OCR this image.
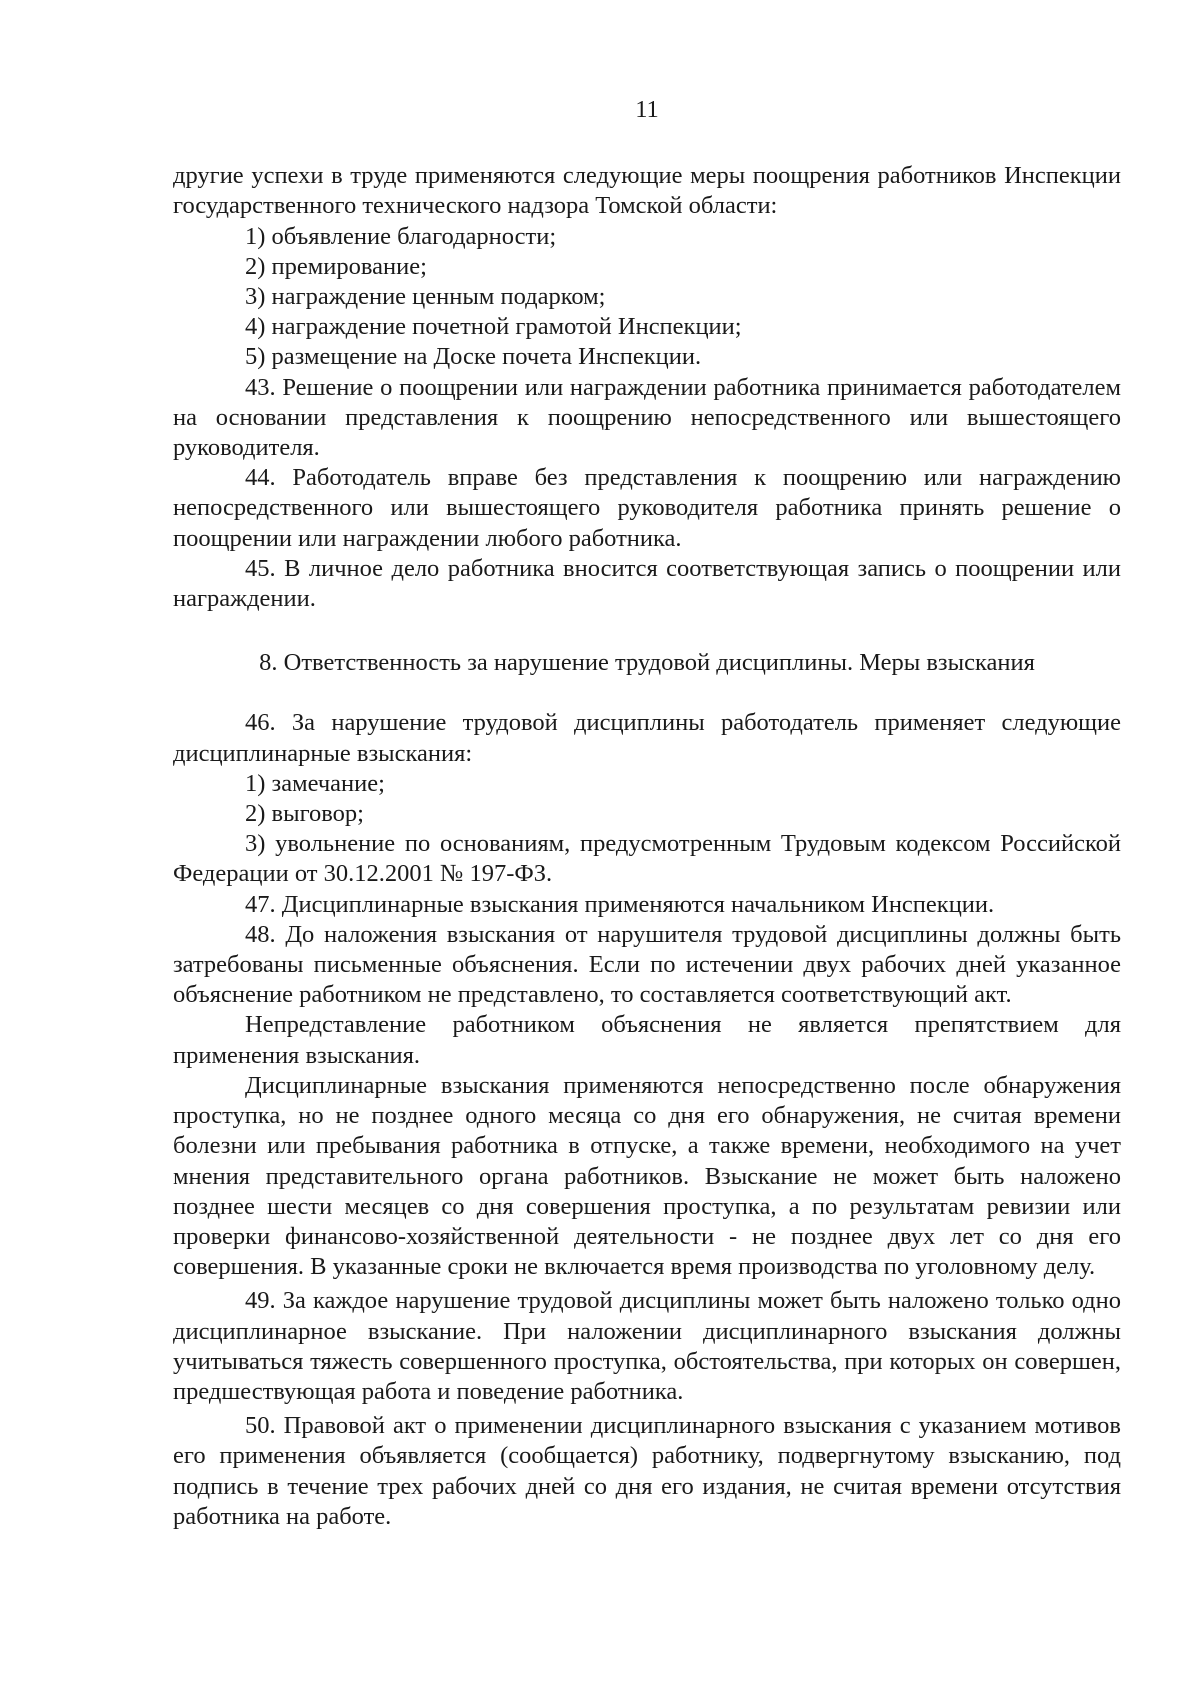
11

другие успехи в труде применяются следующие меры поощрения работников Инспекции государственного технического надзора Томской области:

1) объявление благодарности;

2) премирование;

3) награждение ценным подарком;

4) награждение почетной грамотой Инспекции;

5) размещение на Доске почета Инспекции.

43. Решение о поощрении или награждении работника принимается работодателем на основании представления к поощрению непосредственного или вышестоящего руководителя.

44. Работодатель вправе без представления к поощрению или награждению непосредственного или вышестоящего руководителя работника принять решение о поощрении или награждении любого работника.

45. В личное дело работника вносится соответствующая запись о поощрении или награждении.

8. Ответственность за нарушение трудовой дисциплины. Меры взыскания

46. За нарушение трудовой дисциплины работодатель применяет следующие дисциплинарные взыскания:

1) замечание;

2) выговор;

3) увольнение по основаниям, предусмотренным Трудовым кодексом Российской Федерации от 30.12.2001 № 197-ФЗ.

47. Дисциплинарные взыскания применяются начальником Инспекции.

48. До наложения взыскания от нарушителя трудовой дисциплины должны быть затребованы письменные объяснения. Если по истечении двух рабочих дней указанное объяснение работником не представлено, то составляется соответствующий акт.

Непредставление работником объяснения не является препятствием для применения взыскания.

Дисциплинарные взыскания применяются непосредственно после обнаружения проступка, но не позднее одного месяца со дня его обнаружения, не считая времени болезни или пребывания работника в отпуске, а также времени, необходимого на учет мнения представительного органа работников. Взыскание не может быть наложено позднее шести месяцев со дня совершения проступка, а по результатам ревизии или проверки финансово-хозяйственной деятельности - не позднее двух лет со дня его совершения. В указанные сроки не включается время производства по уголовному делу.

49. За каждое нарушение трудовой дисциплины может быть наложено только одно дисциплинарное взыскание. При наложении дисциплинарного взыскания должны учитываться тяжесть совершенного проступка, обстоятельства, при которых он совершен, предшествующая работа и поведение работника.

50. Правовой акт о применении дисциплинарного взыскания с указанием мотивов его применения объявляется (сообщается) работнику, подвергнутому взысканию, под подпись в течение трех рабочих дней со дня его издания, не считая времени отсутствия работника на работе.
